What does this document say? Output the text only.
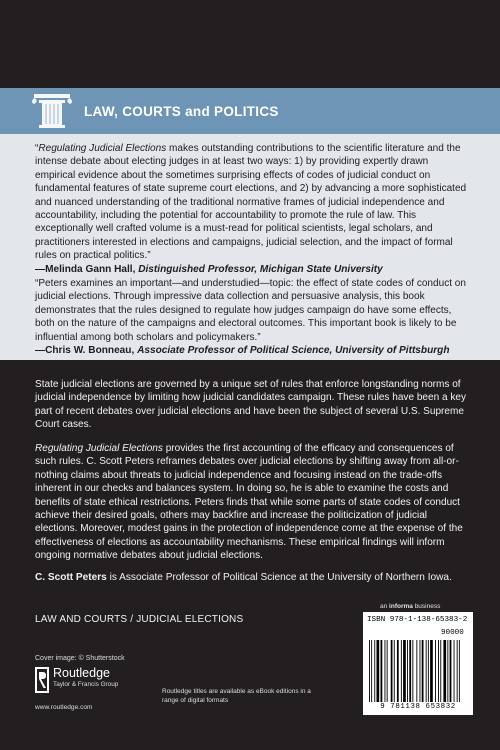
LAW, COURTS and POLITICS
“Regulating Judicial Elections makes outstanding contributions to the scientific literature and the intense debate about electing judges in at least two ways: 1) by providing expertly drawn empirical evidence about the sometimes surprising effects of codes of judicial conduct on fundamental features of state supreme court elections, and 2) by advancing a more sophisticated and nuanced understanding of the traditional normative frames of judicial independence and accountability, including the potential for accountability to promote the rule of law. This exceptionally well crafted volume is a must-read for political scientists, legal scholars, and practitioners interested in elections and campaigns, judicial selection, and the impact of formal rules on practical politics.”
—Melinda Gann Hall, Distinguished Professor, Michigan State University
“Peters examines an important—and understudied—topic: the effect of state codes of conduct on judicial elections. Through impressive data collection and persuasive analysis, this book demonstrates that the rules designed to regulate how judges campaign do have some effects, both on the nature of the campaigns and electoral outcomes. This important book is likely to be influential among both scholars and policymakers.”
—Chris W. Bonneau, Associate Professor of Political Science, University of Pittsburgh
State judicial elections are governed by a unique set of rules that enforce longstanding norms of judicial independence by limiting how judicial candidates campaign. These rules have been a key part of recent debates over judicial elections and have been the subject of several U.S. Supreme Court cases.
Regulating Judicial Elections provides the first accounting of the efficacy and consequences of such rules. C. Scott Peters reframes debates over judicial elections by shifting away from all-or-nothing claims about threats to judicial independence and focusing instead on the trade-offs inherent in our checks and balances system. In doing so, he is able to examine the costs and benefits of state ethical restrictions. Peters finds that while some parts of state codes of conduct achieve their desired goals, others may backfire and increase the politicization of judicial elections. Moreover, modest gains in the protection of independence come at the expense of the effectiveness of elections as accountability mechanisms. These empirical findings will inform ongoing normative debates about judicial elections.
C. Scott Peters is Associate Professor of Political Science at the University of Northern Iowa.
an informa business
LAW AND COURTS / JUDICIAL ELECTIONS	ISBN 978-1-138-65383-2
90000
9 781138 653832
Cover image: © Shutterstock
Routledge
Taylor & Francis Group
www.routledge.com
Routledge titles are available as eBook editions in a range of digital formats
